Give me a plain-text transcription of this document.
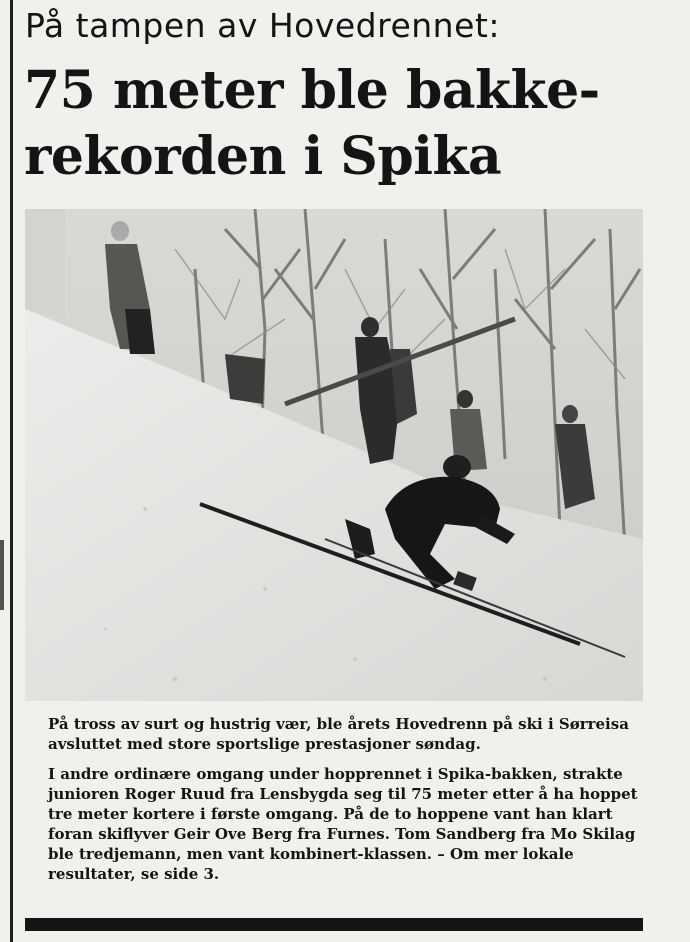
På tampen av Hovedrennet:
75 meter ble bakke-
rekorden i Spika

På tross av surt og hustrig vær, ble årets Hovedrenn på ski i Sørreisa avsluttet med store sportslige prestasjoner søndag.

I andre ordinære omgang under hopprennet i Spika-bakken, strakte junioren Roger Ruud fra Lensbygda seg til 75 meter etter å ha hoppet tre meter kortere i første omgang. På de to hoppene vant han klart foran skiflyver Geir Ove Berg fra Furnes. Tom Sandberg fra Mo Skilag ble tredjemann, men vant kombinert-klassen. – Om mer lokale resultater, se side 3.
